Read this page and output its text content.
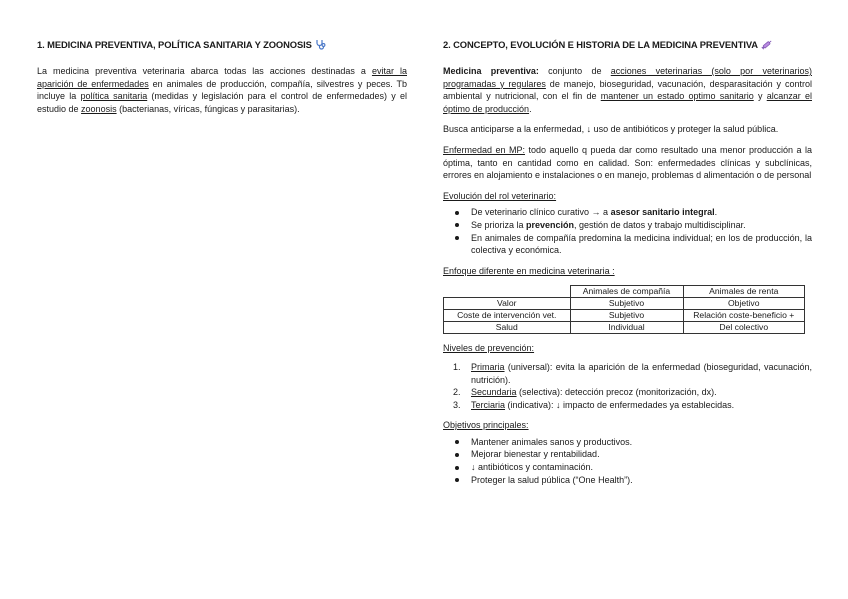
1. MEDICINA PREVENTIVA, POLÍTICA SANITARIA Y ZOONOSIS

La medicina preventiva veterinaria abarca todas las acciones destinadas a evitar la aparición de enfermedades en animales de producción, compañía, silvestres y peces. Tb incluye la política sanitaria (medidas y legislación para el control de enfermedades) y el estudio de zoonosis (bacterianas, víricas, fúngicas y parasitarias).

2. CONCEPTO, EVOLUCIÓN E HISTORIA DE LA MEDICINA PREVENTIVA

Medicina preventiva: conjunto de acciones veterinarias (solo por veterinarios) programadas y regulares de manejo, bioseguridad, vacunación, desparasitación y control ambiental y nutricional, con el fin de mantener un estado optimo sanitario y alcanzar el óptimo de producción.

Busca anticiparse a la enfermedad, ↓ uso de antibióticos y proteger la salud pública.

Enfermedad en MP: todo aquello q pueda dar como resultado una menor producción a la óptima, tanto en cantidad como en calidad. Son: enfermedades clínicas y subclínicas, errores en alojamiento e instalaciones o en manejo, problemas d alimentación o de personal

Evolución del rol veterinario:

De veterinario clínico curativo → a asesor sanitario integral.
Se prioriza la prevención, gestión de datos y trabajo multidisciplinar.
En animales de compañía predomina la medicina individual; en los de producción, la colectiva y económica.

Enfoque diferente en medicina veterinaria :

	Animales de compañía	Animales de renta
Valor	Subjetivo	Objetivo
Coste de intervención vet.	Subjetivo	Relación coste-beneficio +
Salud	Individual	Del colectivo

Niveles de prevención:

1. Primaria (universal): evita la aparición de la enfermedad (bioseguridad, vacunación, nutrición).
2. Secundaria (selectiva): detección precoz (monitorización, dx).
3. Terciaria (indicativa): ↓ impacto de enfermedades ya establecidas.

Objetivos principales:

Mantener animales sanos y productivos.
Mejorar bienestar y rentabilidad.
↓ antibióticos y contaminación.
Proteger la salud pública (“One Health”).
